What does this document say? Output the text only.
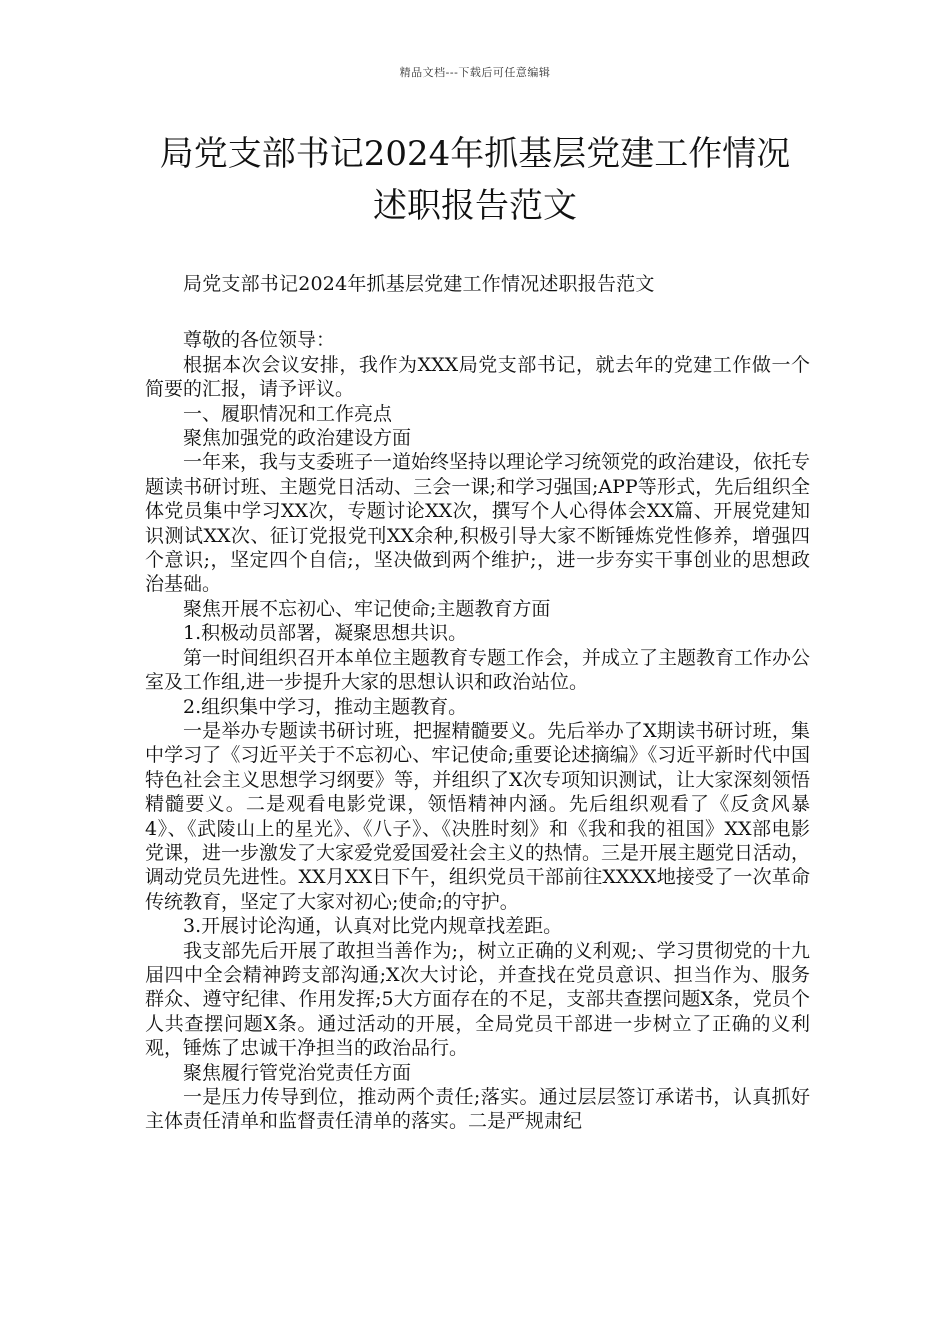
精品文档---下载后可任意编辑
局党支部书记2024年抓基层党建工作情况
述职报告范文

局党支部书记2024年抓基层党建工作情况述职报告范文

尊敬的各位领导：

根据本次会议安排，我作为XXX局党支部书记，就去年的党建工作做一个简要的汇报，请予评议。

一、履职情况和工作亮点

聚焦加强党的政治建设方面

一年来，我与支委班子一道始终坚持以理论学习统领党的政治建设，依托专题读书研讨班、主题党日活动、三会一课;和学习强国;APP等形式，先后组织全体党员集中学习XX次，专题讨论XX次，撰写个人心得体会XX篇、开展党建知识测试XX次、征订党报党刊XX余种,积极引导大家不断锤炼党性修养，增强四个意识;，坚定四个自信;，坚决做到两个维护;，进一步夯实干事创业的思想政治基础。

聚焦开展不忘初心、牢记使命;主题教育方面

1.积极动员部署，凝聚思想共识。

第一时间组织召开本单位主题教育专题工作会，并成立了主题教育工作办公室及工作组,进一步提升大家的思想认识和政治站位。

2.组织集中学习，推动主题教育。

一是举办专题读书研讨班，把握精髓要义。先后举办了X期读书研讨班，集中学习了《习近平关于不忘初心、牢记使命;重要论述摘编》《习近平新时代中国特色社会主义思想学习纲要》等，并组织了X次专项知识测试，让大家深刻领悟精髓要义。二是观看电影党课，领悟精神内涵。先后组织观看了《反贪风暴4》、《武陵山上的星光》、《八子》、《决胜时刻》和《我和我的祖国》XX部电影党课，进一步激发了大家爱党爱国爱社会主义的热情。三是开展主题党日活动，调动党员先进性。XX月XX日下午，组织党员干部前往XXXX地接受了一次革命传统教育，坚定了大家对初心;使命;的守护。

3.开展讨论沟通，认真对比党内规章找差距。

我支部先后开展了敢担当善作为;，树立正确的义利观;、学习贯彻党的十九届四中全会精神跨支部沟通;X次大讨论，并查找在党员意识、担当作为、服务群众、遵守纪律、作用发挥;5大方面存在的不足，支部共查摆问题X条，党员个人共查摆问题X条。通过活动的开展，全局党员干部进一步树立了正确的义利观，锤炼了忠诚干净担当的政治品行。

聚焦履行管党治党责任方面

一是压力传导到位，推动两个责任;落实。通过层层签订承诺书，认真抓好主体责任清单和监督责任清单的落实。二是严规肃纪
